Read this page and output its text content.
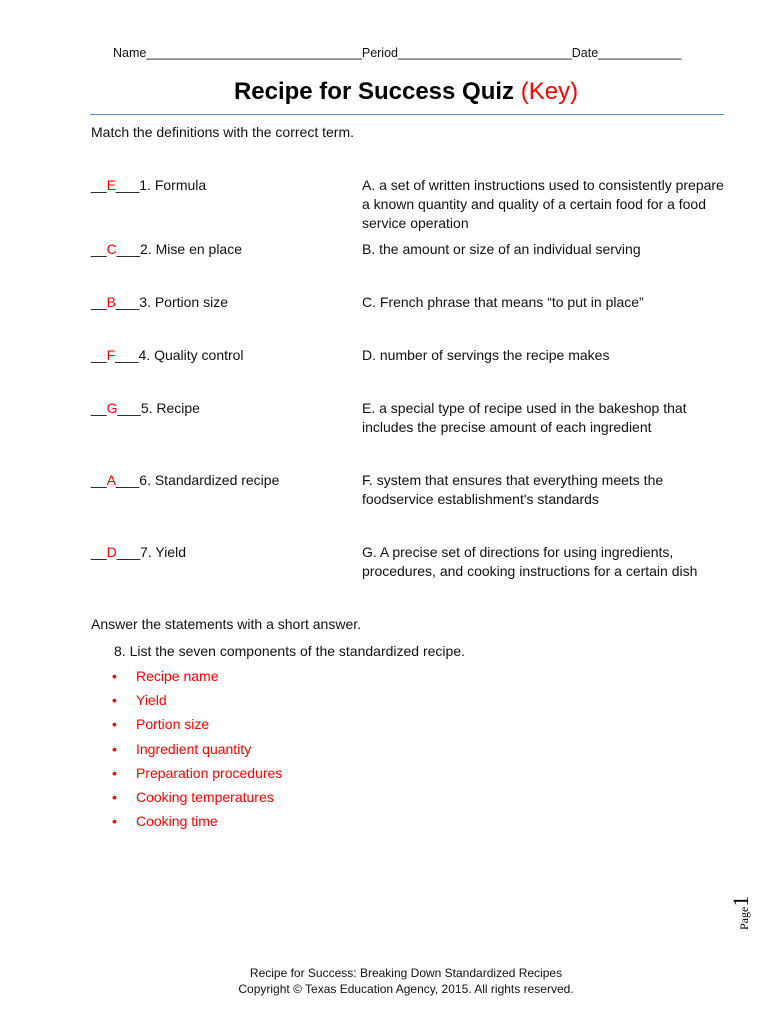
Name_______________________________Period_________________________Date____________
Recipe for Success Quiz (Key)
Match the definitions with the correct term.
__E___1. Formula	A. a set of written instructions used to consistently prepare a known quantity and quality of a certain food for a food service operation
__C___2. Mise en place	B. the amount or size of an individual serving
__B___3. Portion size	C. French phrase that means “to put in place”
__F___4. Quality control	D. number of servings the recipe makes
__G___5. Recipe	E. a special type of recipe used in the bakeshop that includes the precise amount of each ingredient
__A___6. Standardized recipe	F. system that ensures that everything meets the foodservice establishment's standards
__D___7. Yield	G. A precise set of directions for using ingredients, procedures, and cooking instructions for a certain dish
Answer the statements with a short answer.
8. List the seven components of the standardized recipe.
• Recipe name
• Yield
• Portion size
• Ingredient quantity
• Preparation procedures
• Cooking temperatures
• Cooking time
Page1
Recipe for Success: Breaking Down Standardized Recipes
Copyright © Texas Education Agency, 2015. All rights reserved.
